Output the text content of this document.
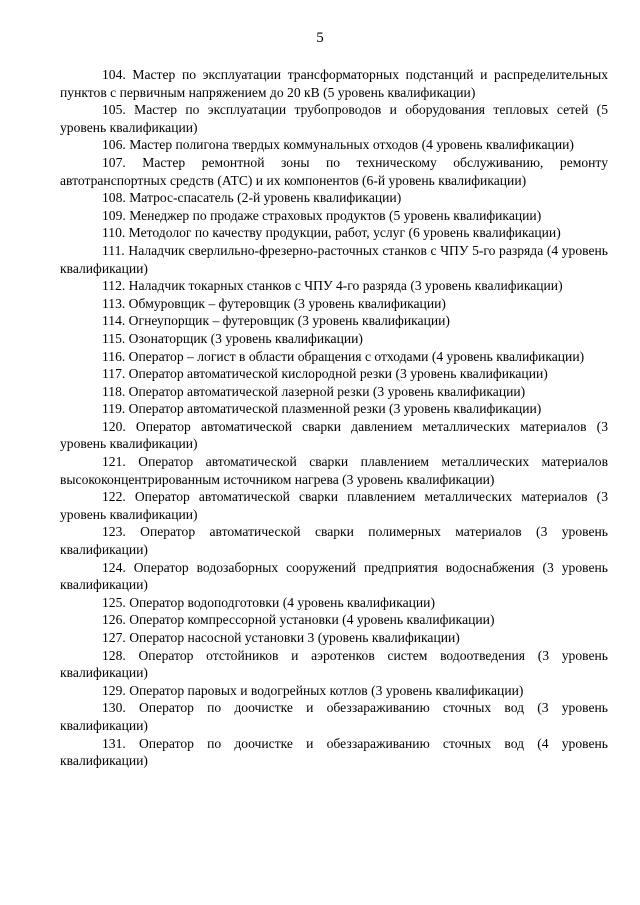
5

104. Мастер по эксплуатации трансформаторных подстанций и распределительных пунктов с первичным напряжением до 20 кВ (5 уровень квалификации)

105. Мастер по эксплуатации трубопроводов и оборудования тепловых сетей (5 уровень квалификации)

106. Мастер полигона твердых коммунальных отходов (4 уровень квалификации)

107. Мастер ремонтной зоны по техническому обслуживанию, ремонту автотранспортных средств (АТС) и их компонентов (6-й уровень квалификации)

108. Матрос-спасатель (2-й уровень квалификации)

109. Менеджер по продаже страховых продуктов (5 уровень квалификации)

110. Методолог по качеству продукции, работ, услуг (6 уровень квалификации)

111. Наладчик сверлильно-фрезерно-расточных станков с ЧПУ 5-го разряда (4 уровень квалификации)

112. Наладчик токарных станков с ЧПУ 4-го разряда (3 уровень квалификации)

113. Обмуровщик – футеровщик (3 уровень квалификации)

114. Огнеупорщик – футеровщик (3 уровень квалификации)

115. Озонаторщик (3 уровень квалификации)

116. Оператор – логист в области обращения с отходами (4 уровень квалификации)

117. Оператор автоматической кислородной резки (3 уровень квалификации)

118. Оператор автоматической лазерной резки (3 уровень квалификации)

119. Оператор автоматической плазменной резки (3 уровень квалификации)

120. Оператор автоматической сварки давлением металлических материалов (3 уровень квалификации)

121. Оператор автоматической сварки плавлением металлических материалов высококонцентрированным источником нагрева (3 уровень квалификации)

122. Оператор автоматической сварки плавлением металлических материалов (3 уровень квалификации)

123. Оператор автоматической сварки полимерных материалов (3 уровень квалификации)

124. Оператор водозаборных сооружений предприятия водоснабжения (3 уровень квалификации)

125. Оператор водоподготовки (4 уровень квалификации)

126. Оператор компрессорной установки (4 уровень квалификации)

127. Оператор насосной установки 3 (уровень квалификации)

128. Оператор отстойников и аэротенков систем водоотведения (3 уровень квалификации)

129. Оператор паровых и водогрейных котлов (3 уровень квалификации)

130. Оператор по доочистке и обеззараживанию сточных вод (3 уровень квалификации)

131. Оператор по доочистке и обеззараживанию сточных вод (4 уровень квалификации)
